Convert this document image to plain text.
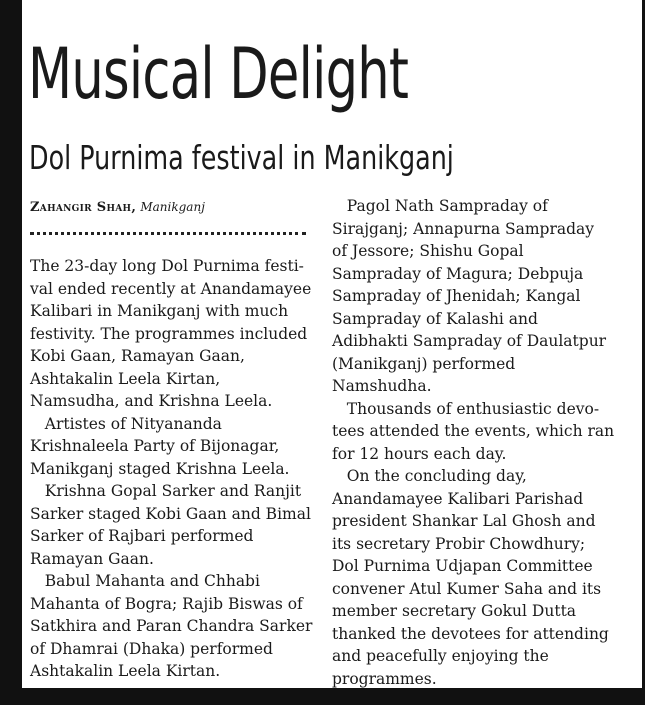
Musical Delight
Dol Purnima festival in Manikganj
Zahangir Shah, Manikganj
The 23-day long Dol Purnima festi-
val ended recently at Anandamayee
Kalibari in Manikganj with much
festivity. The programmes included
Kobi Gaan, Ramayan Gaan,
Ashtakalin Leela Kirtan,
Namsudha, and Krishna Leela.
Artistes of Nityananda
Krishnaleela Party of Bijonagar,
Manikganj staged Krishna Leela.
Krishna Gopal Sarker and Ranjit
Sarker staged Kobi Gaan and Bimal
Sarker of Rajbari performed
Ramayan Gaan.
Babul Mahanta and Chhabi
Mahanta of Bogra; Rajib Biswas of
Satkhira and Paran Chandra Sarker
of Dhamrai (Dhaka) performed
Ashtakalin Leela Kirtan.
Pagol Nath Sampraday of
Sirajganj; Annapurna Sampraday
of Jessore; Shishu Gopal
Sampraday of Magura; Debpuja
Sampraday of Jhenidah; Kangal
Sampraday of Kalashi and
Adibhakti Sampraday of Daulatpur
(Manikganj) performed
Namshudha.
Thousands of enthusiastic devo-
tees attended the events, which ran
for 12 hours each day.
On the concluding day,
Anandamayee Kalibari Parishad
president Shankar Lal Ghosh and
its secretary Probir Chowdhury;
Dol Purnima Udjapan Committee
convener Atul Kumer Saha and its
member secretary Gokul Dutta
thanked the devotees for attending
and peacefully enjoying the
programmes.
